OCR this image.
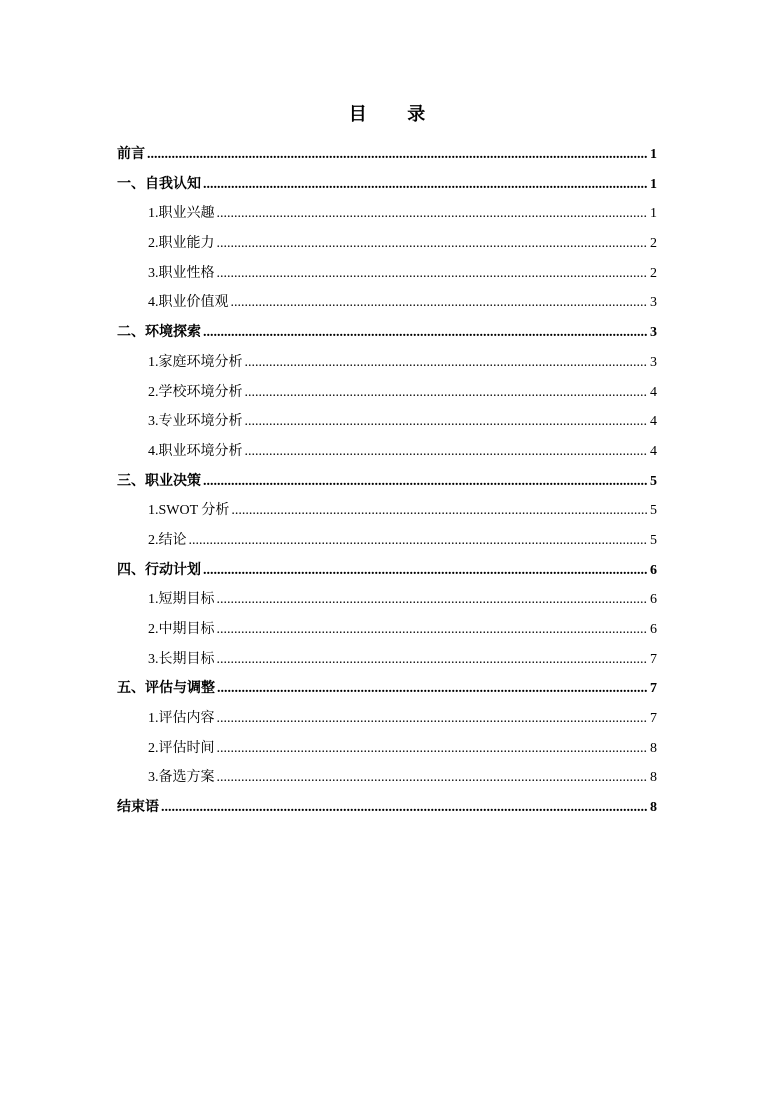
目 录
前言 .....	1
一、自我认知 .....	1
1.职业兴趣 .....	1
2.职业能力 .....	2
3.职业性格 .....	2
4.职业价值观 .....	3
二、环境探索 .....	3
1.家庭环境分析 .....	3
2.学校环境分析 .....	4
3.专业环境分析 .....	4
4.职业环境分析 .....	4
三、职业决策 .....	5
1.SWOT 分析 .....	5
2.结论 .....	5
四、行动计划 .....	6
1.短期目标 .....	6
2.中期目标 .....	6
3.长期目标 .....	7
五、评估与调整 .....	7
1.评估内容 .....	7
2.评估时间 .....	8
3.备选方案 .....	8
结束语 .....	8
